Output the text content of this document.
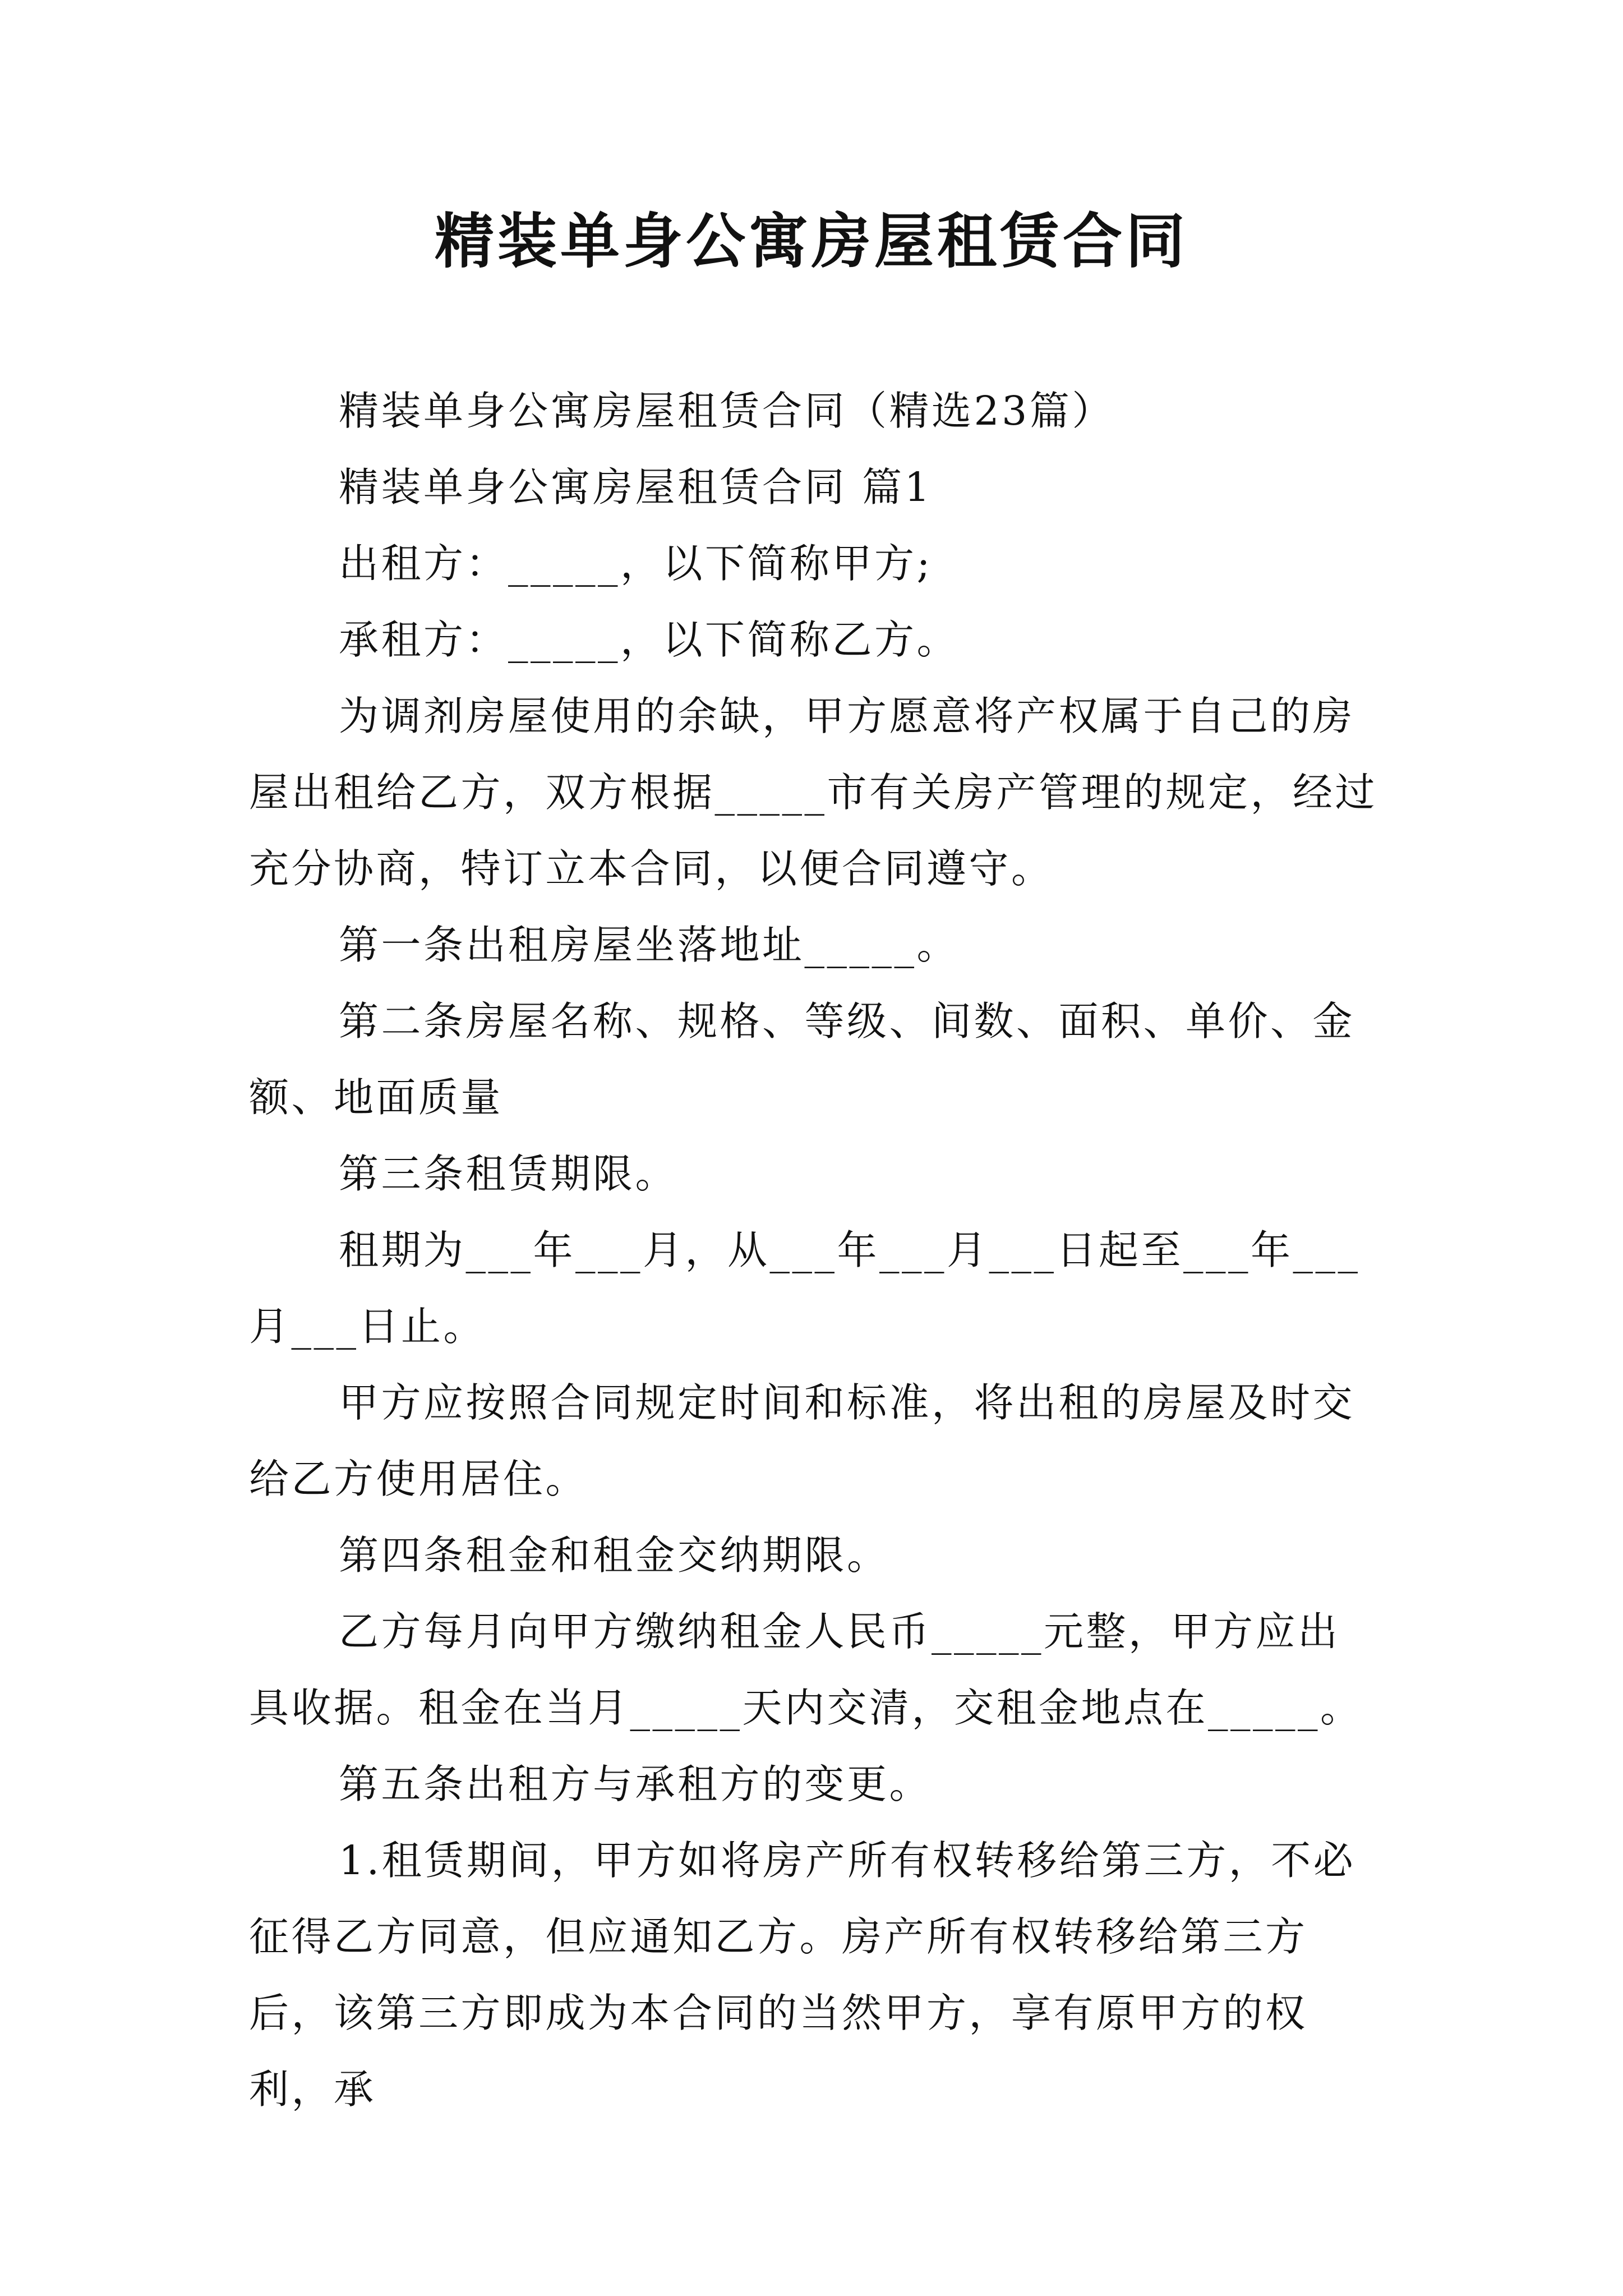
精装单身公寓房屋租赁合同

精装单身公寓房屋租赁合同（精选23篇）

精装单身公寓房屋租赁合同 篇1

出租方：_____，以下简称甲方;

承租方：_____，以下简称乙方。

为调剂房屋使用的余缺，甲方愿意将产权属于自己的房屋出租给乙方，双方根据_____市有关房产管理的规定，经过充分协商，特订立本合同，以便合同遵守。

第一条出租房屋坐落地址_____。

第二条房屋名称、规格、等级、间数、面积、单价、金额、地面质量

第三条租赁期限。

租期为___年___月，从___年___月___日起至___年___月___日止。

甲方应按照合同规定时间和标准，将出租的房屋及时交给乙方使用居住。

第四条租金和租金交纳期限。

乙方每月向甲方缴纳租金人民币_____元整，甲方应出具收据。租金在当月_____天内交清，交租金地点在_____。

第五条出租方与承租方的变更。

1.租赁期间，甲方如将房产所有权转移给第三方，不必征得乙方同意，但应通知乙方。房产所有权转移给第三方后，该第三方即成为本合同的当然甲方，享有原甲方的权利，承
